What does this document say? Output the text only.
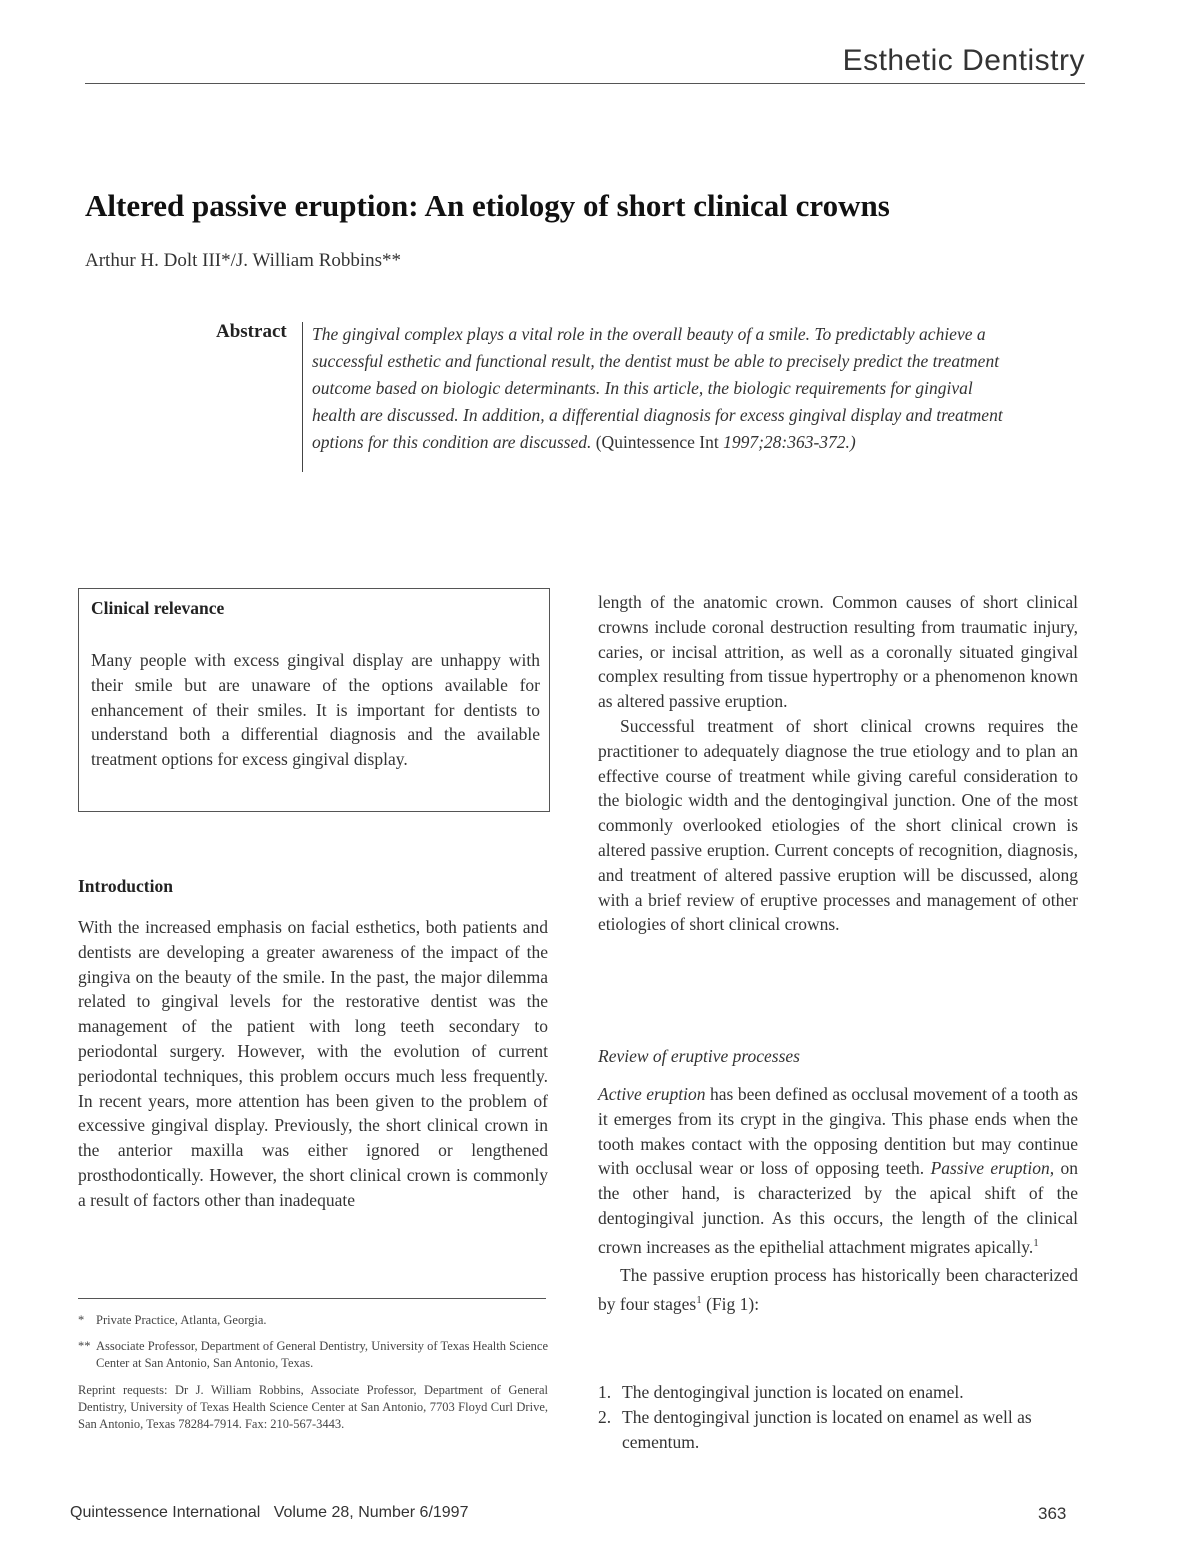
Esthetic Dentistry
Altered passive eruption: An etiology of short clinical crowns
Arthur H. Dolt III*/J. William Robbins**
Abstract The gingival complex plays a vital role in the overall beauty of a smile. To predictably achieve a successful esthetic and functional result, the dentist must be able to precisely predict the treatment outcome based on biologic determinants. In this article, the biologic requirements for gingival health are discussed. In addition, a differential diagnosis for excess gingival display and treatment options for this condition are discussed. (Quintessence Int 1997;28:363-372.)
Clinical relevance
Many people with excess gingival display are unhappy with their smile but are unaware of the options available for enhancement of their smiles. It is important for dentists to understand both a differential diagnosis and the available treatment options for excess gingival display.
Introduction

With the increased emphasis on facial esthetics, both patients and dentists are developing a greater awareness of the impact of the gingiva on the beauty of the smile. In the past, the major dilemma related to gingival levels for the restorative dentist was the management of the patient with long teeth secondary to periodontal surgery. However, with the evolution of current periodontal techniques, this problem occurs much less frequently. In recent years, more attention has been given to the problem of excessive gingival display. Previously, the short clinical crown in the anterior maxilla was either ignored or lengthened prosthodontically. However, the short clinical crown is commonly a result of factors other than inadequate

length of the anatomic crown. Common causes of short clinical crowns include coronal destruction resulting from traumatic injury, caries, or incisal attrition, as well as a coronally situated gingival complex resulting from tissue hypertrophy or a phenomenon known as altered passive eruption.

Successful treatment of short clinical crowns requires the practitioner to adequately diagnose the true etiology and to plan an effective course of treatment while giving careful consideration to the biologic width and the dentogingival junction. One of the most commonly overlooked etiologies of the short clinical crown is altered passive eruption. Current concepts of recognition, diagnosis, and treatment of altered passive eruption will be discussed, along with a brief review of eruptive processes and management of other etiologies of short clinical crowns.

Review of eruptive processes

Active eruption has been defined as occlusal movement of a tooth as it emerges from its crypt in the gingiva. This phase ends when the tooth makes contact with the opposing dentition but may continue with occlusal wear or loss of opposing teeth. Passive eruption, on the other hand, is characterized by the apical shift of the dentogingival junction. As this occurs, the length of the clinical crown increases as the epithelial attachment migrates apically.$^1$

The passive eruption process has historically been characterized by four stages$^1$ (Fig 1):

1. The dentogingival junction is located on enamel.
2. The dentogingival junction is located on enamel as well as cementum.
* Private Practice, Atlanta, Georgia.
** Associate Professor, Department of General Dentistry, University of Texas Health Science Center at San Antonio, San Antonio, Texas.
Reprint requests: Dr J. William Robbins, Associate Professor, Department of General Dentistry, University of Texas Health Science Center at San Antonio, 7703 Floyd Curl Drive, San Antonio, Texas 78284-7914. Fax: 210-567-3443.
Quintessence International Volume 28, Number 6/1997	363
